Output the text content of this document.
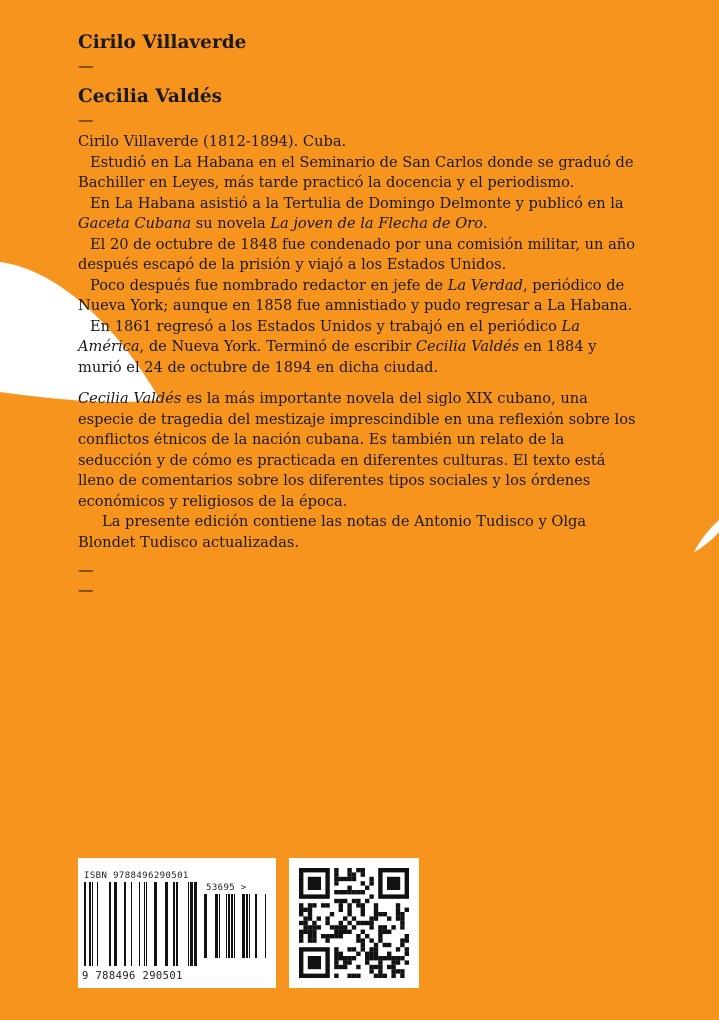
Cirilo Villaverde
—
Cecilia Valdés
—

Cirilo Villaverde (1812-1894). Cuba.

Estudió en La Habana en el Seminario de San Carlos donde se graduó de Bachiller en Leyes, más tarde practicó la docencia y el periodismo.

En La Habana asistió a la Tertulia de Domingo Delmonte y publicó en la Gaceta Cubana su novela La joven de la Flecha de Oro.

El 20 de octubre de 1848 fue condenado por una comisión militar, un año después escapó de la prisión y viajó a los Estados Unidos.

Poco después fue nombrado redactor en jefe de La Verdad, periódico de Nueva York; aunque en 1858 fue amnistiado y pudo regresar a La Habana.

En 1861 regresó a los Estados Unidos y trabajó en el periódico La América, de Nueva York. Terminó de escribir Cecilia Valdés en 1884 y murió el 24 de octubre de 1894 en dicha ciudad.

Cecilia Valdés es la más importante novela del siglo XIX cubano, una especie de tragedia del mestizaje imprescindible en una reflexión sobre los conflictos étnicos de la nación cubana. Es también un relato de la seducción y de cómo es practicada en diferentes culturas. El texto está lleno de comentarios sobre los diferentes tipos sociales y los órdenes económicos y religiosos de la época.

La presente edición contiene las notas de Antonio Tudisco y Olga Blondet Tudisco actualizadas.

—
—
ISBN 9788496290501
53695 >
9 788496 290501
